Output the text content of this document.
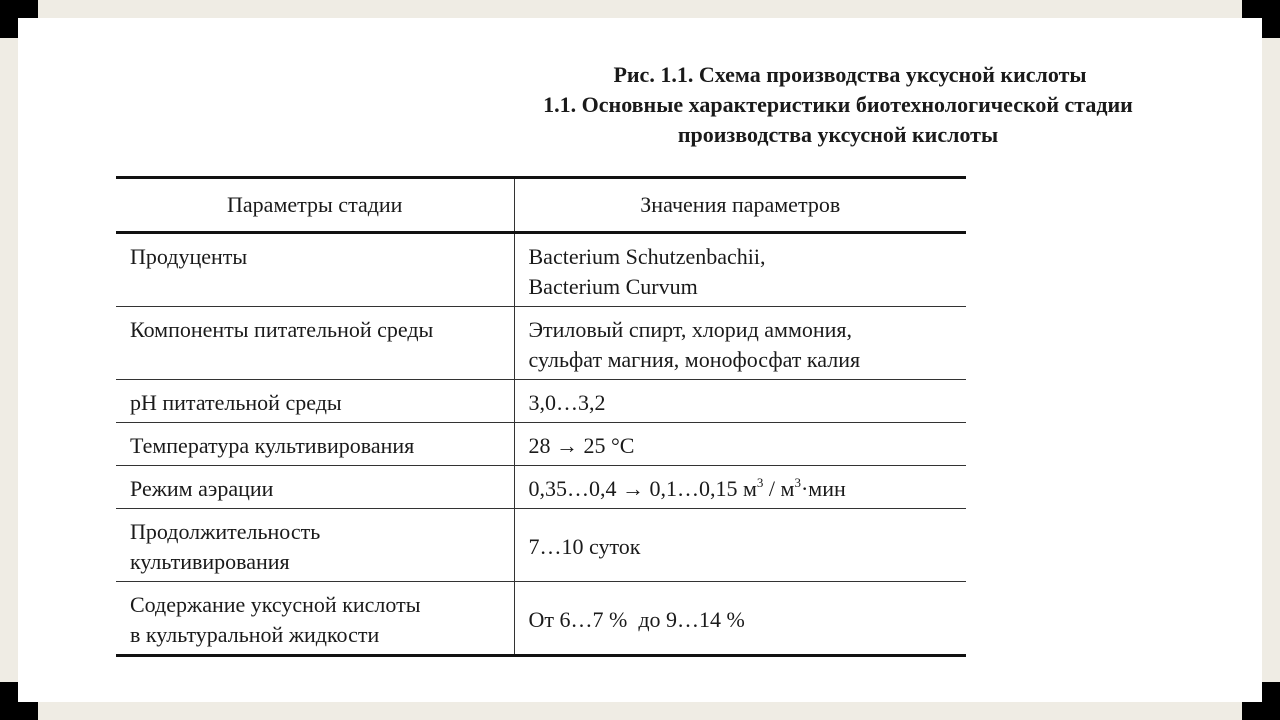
Рис. 1.1. Схема производства уксусной кислоты
1.1. Основные характеристики биотехнологической стадии
производства уксусной кислоты
Параметры стадии	Значения параметров

Продуценты	Bacterium Schutzenbachii,
Bacterium Curvum

Компоненты питательной среды	Этиловый спирт, хлорид аммония,
сульфат магния, монофосфат калия

рН питательной среды	3,0…3,2

Температура культивирования	28 → 25 °С

Режим аэрации	0,35…0,4 → 0,1…0,15 $м^3 / м^3\cdot мин$

Продолжительность
культивирования	7…10 суток

Содержание уксусной кислоты
в культуральной жидкости	От 6…7 %  до 9…14 %
